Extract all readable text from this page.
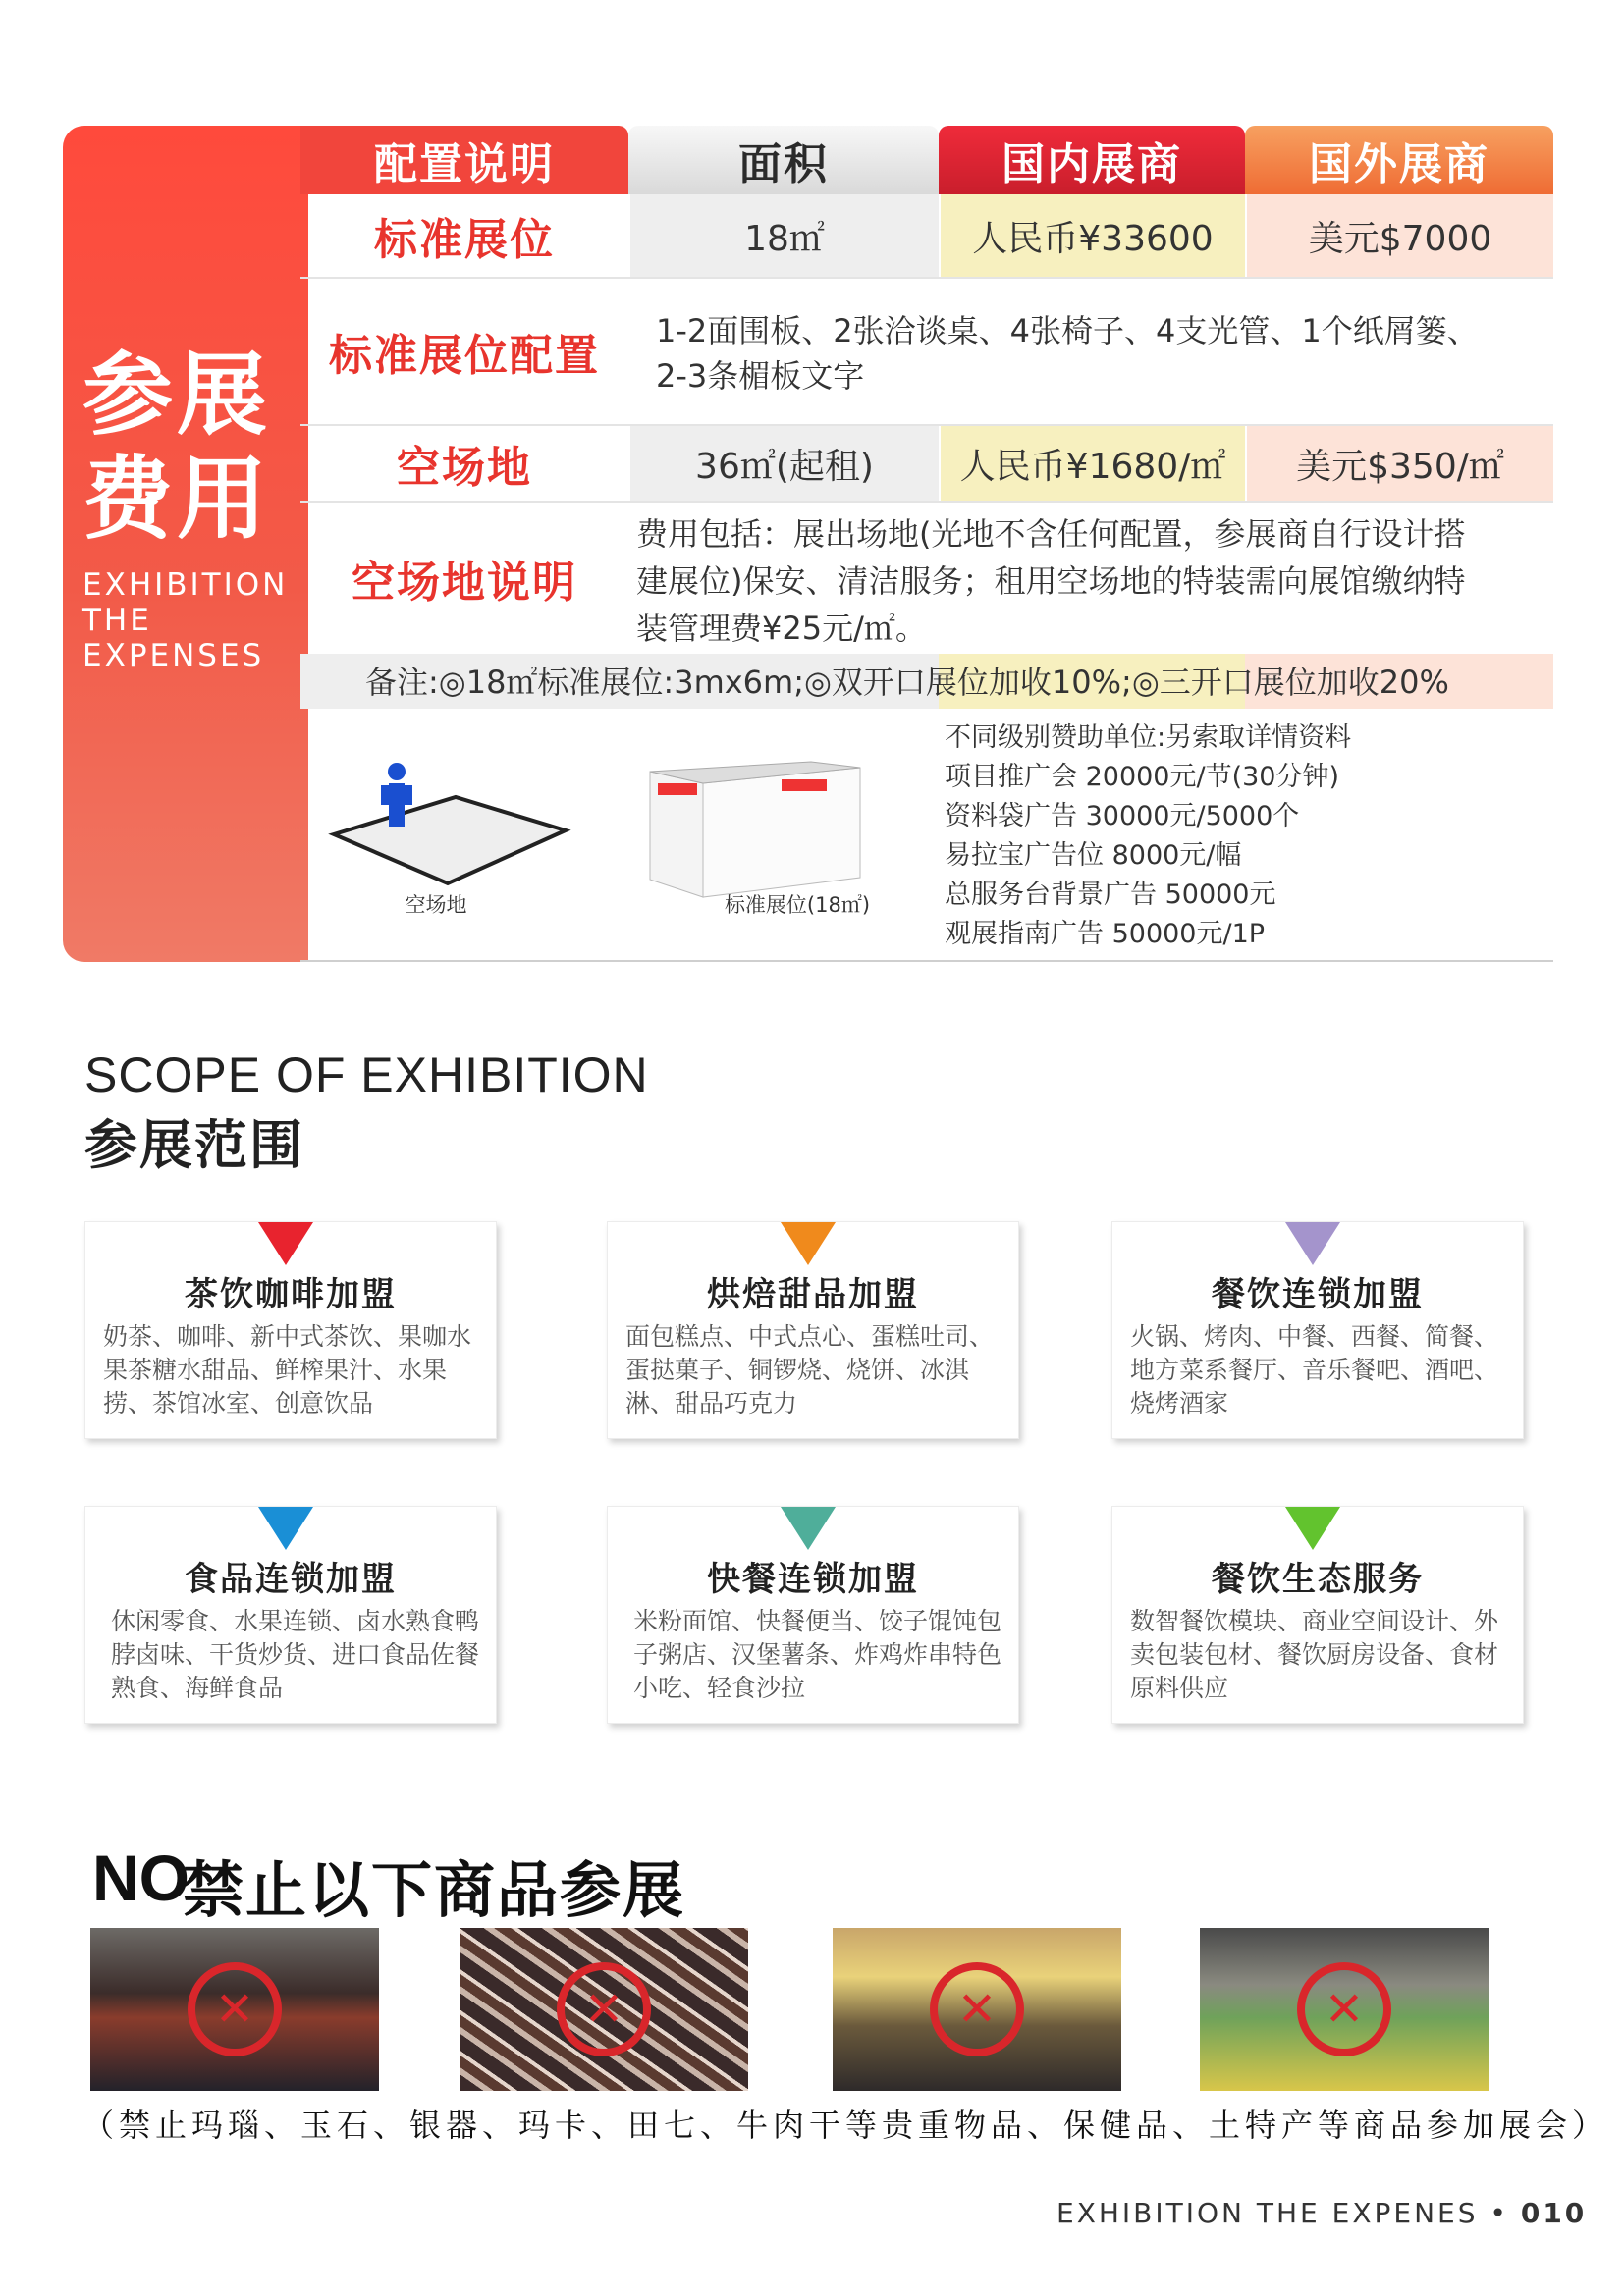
参展
费用
EXHIBITION
THE
EXPENSES
配置说明	面积	国内展商	国外展商
标准展位	18㎡	人民币¥33600	美元$7000
标准展位配置	1-2面围板、2张洽谈桌、4张椅子、4支光管、1个纸屑篓、
2-3条楣板文字
空场地	36㎡(起租)	人民币¥1680/㎡	美元$350/㎡
空场地说明
费用包括：展出场地(光地不含任何配置，参展商自行设计搭
建展位)保安、清洁服务；租用空场地的特装需向展馆缴纳特
装管理费¥25元/㎡。
备注:◎18㎡标准展位:3mx6m;◎双开口展位加收10%;◎三开口展位加收20%
空场地	标准展位(18㎡)
不同级别赞助单位:另索取详情资料
项目推广会 20000元/节(30分钟)
资料袋广告 30000元/5000个
易拉宝广告位 8000元/幅
总服务台背景广告 50000元
观展指南广告 50000元/1P
SCOPE OF EXHIBITION
参展范围
茶饮咖啡加盟
奶茶、咖啡、新中式茶饮、果咖水果茶糖水甜品、鲜榨果汁、水果捞、茶馆冰室、创意饮品
烘焙甜品加盟
面包糕点、中式点心、蛋糕吐司、蛋挞菓子、铜锣烧、烧饼、冰淇淋、甜品巧克力
餐饮连锁加盟
火锅、烤肉、中餐、西餐、简餐、地方菜系餐厅、音乐餐吧、酒吧、烧烤酒家
食品连锁加盟
休闲零食、水果连锁、卤水熟食鸭脖卤味、干货炒货、进口食品佐餐熟食、海鲜食品
快餐连锁加盟
米粉面馆、快餐便当、饺子馄饨包子粥店、汉堡薯条、炸鸡炸串特色小吃、轻食沙拉
餐饮生态服务
数智餐饮模块、商业空间设计、外卖包装包材、餐饮厨房设备、食材原料供应
NO
禁止以下商品参展
✕	✕	✕	✕
（禁止玛瑙、玉石、银器、玛卡、田七、牛肉干等贵重物品、保健品、土特产等商品参加展会）
EXHIBITION THE EXPENES • 010
